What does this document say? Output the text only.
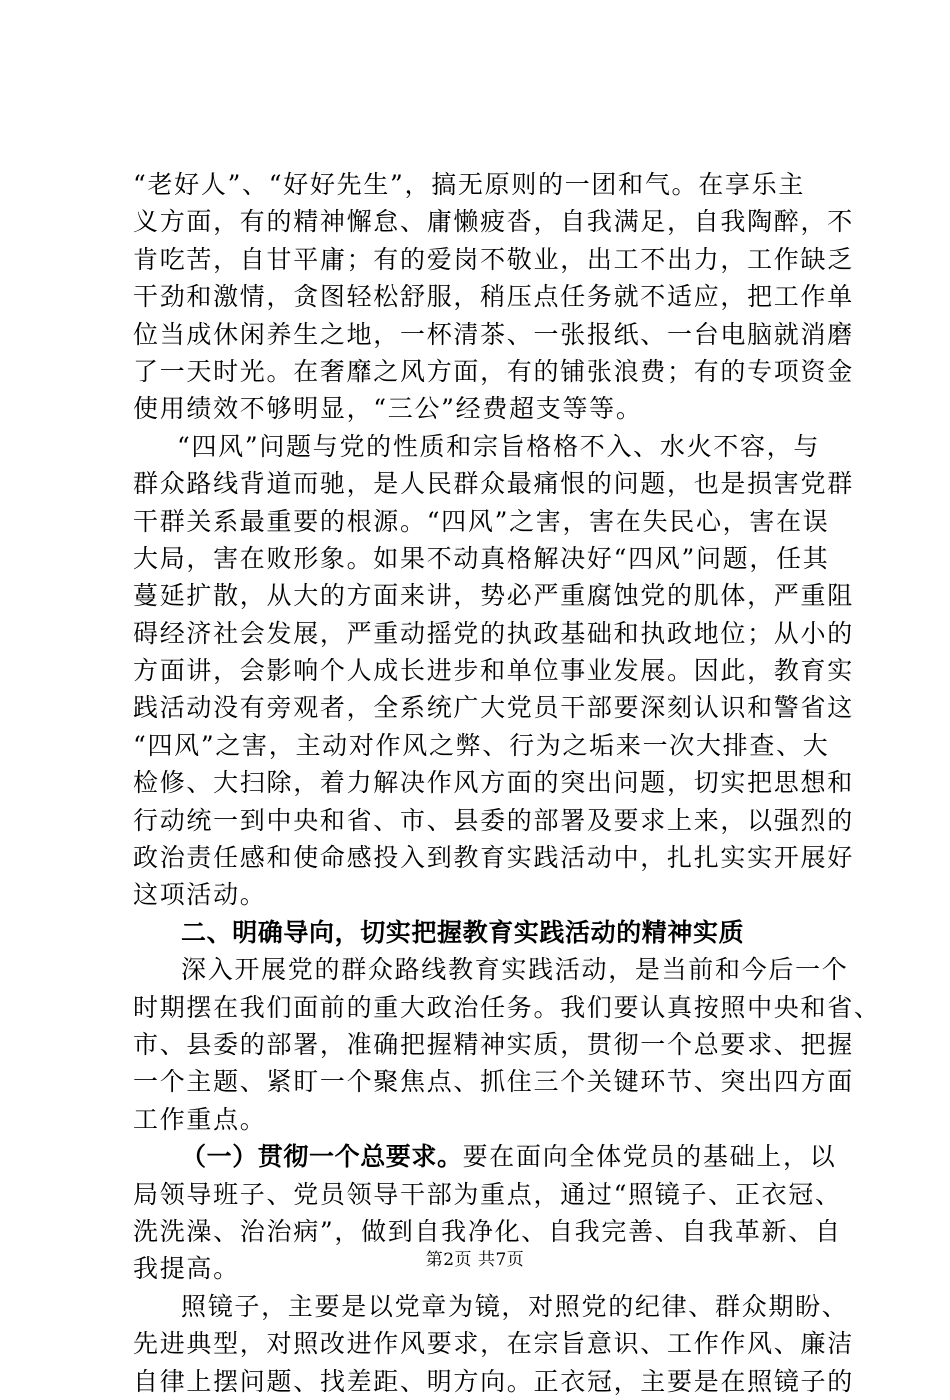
“老好人”、“好好先生”，搞无原则的一团和气。在享乐主
义方面，有的精神懈怠、庸懒疲沓，自我满足，自我陶醉，不
肯吃苦，自甘平庸；有的爱岗不敬业，出工不出力，工作缺乏
干劲和激情，贪图轻松舒服，稍压点任务就不适应，把工作单
位当成休闲养生之地，一杯清茶、一张报纸、一台电脑就消磨
了一天时光。在奢靡之风方面，有的铺张浪费；有的专项资金
使用绩效不够明显，“三公”经费超支等等。
“四风”问题与党的性质和宗旨格格不入、水火不容，与
群众路线背道而驰，是人民群众最痛恨的问题，也是损害党群
干群关系最重要的根源。“四风”之害，害在失民心，害在误
大局，害在败形象。如果不动真格解决好“四风”问题，任其
蔓延扩散，从大的方面来讲，势必严重腐蚀党的肌体，严重阻
碍经济社会发展，严重动摇党的执政基础和执政地位；从小的
方面讲，会影响个人成长进步和单位事业发展。因此，教育实
践活动没有旁观者，全系统广大党员干部要深刻认识和警省这
“四风”之害，主动对作风之弊、行为之垢来一次大排查、大
检修、大扫除，着力解决作风方面的突出问题，切实把思想和
行动统一到中央和省、市、县委的部署及要求上来，以强烈的
政治责任感和使命感投入到教育实践活动中，扎扎实实开展好
这项活动。
二、明确导向，切实把握教育实践活动的精神实质
深入开展党的群众路线教育实践活动，是当前和今后一个
时期摆在我们面前的重大政治任务。我们要认真按照中央和省、
市、县委的部署，准确把握精神实质，贯彻一个总要求、把握
一个主题、紧盯一个聚焦点、抓住三个关键环节、突出四方面
工作重点。
（一）贯彻一个总要求。要在面向全体党员的基础上，以
局领导班子、党员领导干部为重点，通过“照镜子、正衣冠、
洗洗澡、治治病”，做到自我净化、自我完善、自我革新、自
我提高。
照镜子，主要是以党章为镜，对照党的纪律、群众期盼、
先进典型，对照改进作风要求，在宗旨意识、工作作风、廉洁
自律上摆问题、找差距、明方向。正衣冠，主要是在照镜子的
第2页 共7页
